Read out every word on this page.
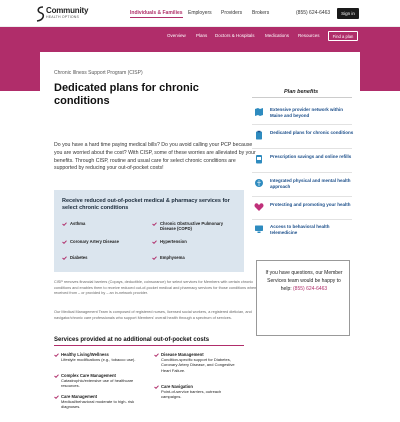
Community
HEALTH OPTIONS
Individuals & Families Employers Providers Brokers	(855) 624-6463	Sign in
Overview Plans Doctors & Hospitals Medications Resources	Find a plan
Chronic Illness Support Program (CISP)
Dedicated plans for chronic conditions
Do you have a hard time paying medical bills? Do you avoid calling your PCP because you are worried about the cost? With CISP, some of these worries are alleviated by your benefits. Through CISP, routine and usual care for select chronic conditions are supported by reducing your out-of-pocket costs!
Receive reduced out-of-pocket medical & pharmacy services for select chronic conditions
Asthma	Chronic Obstructive Pulmonary Disease (COPD)
Coronary Artery Disease	Hypertension
Diabetes	Emphysema
CISP removes financial barriers (Copays, deductible, coinsurance) for select services for Members with certain chronic conditions and enables them to receive reduced out-of-pocket medical and pharmacy services for those conditions when received from – or provided by – an in-network provider.
Our Medical Management Team is composed of registered nurses, licensed social workers, a registered dietician, and navigator/chronic care professionals who support Members' overall health through a spectrum of services.
Services provided at no additional out-of-pocket costs
Healthy Living/Wellness
Lifestyle modifications (e.g., tobacco use).
Disease Management
Condition-specific support for Diabetes, Coronary Artery Disease, and Congestive Heart Failure.
Complex Care Management
Catastrophic/extensive use of healthcare resources.	Care Navigation
Point-of-service barriers, outreach campaigns.
Care Management
Medical/behavioral moderate to high- risk diagnoses.
Plan benefits
Extensive provider network within Maine and beyond
Dedicated plans for chronic conditions
Prescription savings and online refills
Integrated physical and mental health approach
Protecting and promoting your health
Access to behavioral health telemedicine
If you have questions, our Member Services team would be happy to help: (855) 624-6463
